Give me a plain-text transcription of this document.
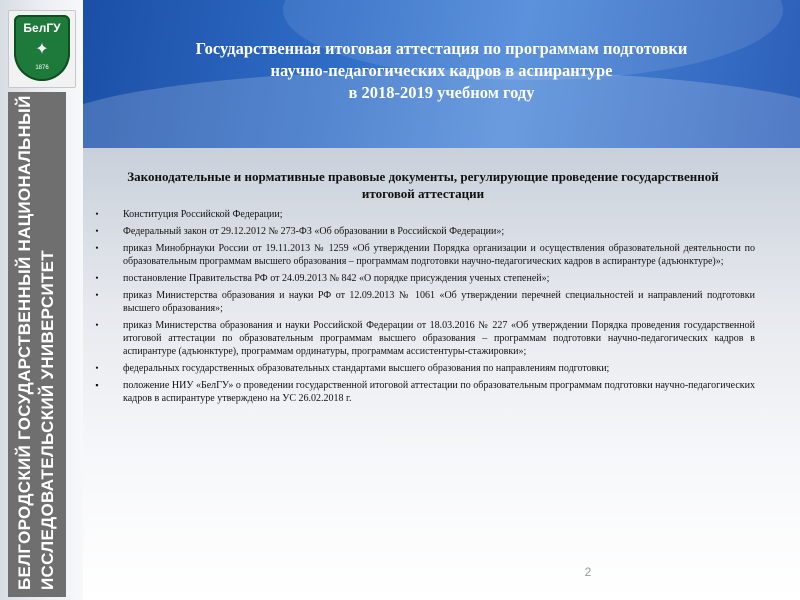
БелГУ
✦
1876
БЕЛГОРОДСКИЙ ГОСУДАРСТВЕННЫЙ НАЦИОНАЛЬНЫЙ ИССЛЕДОВАТЕЛЬСКИЙ УНИВЕРСИТЕТ
Государственная итоговая аттестация по программам подготовки
научно-педагогических кадров в аспирантуре
в 2018-2019 учебном году
Законодательные и нормативные правовые документы, регулирующие проведение государственной итоговой аттестации
• Конституция Российской Федерации;
• Федеральный закон от 29.12.2012 № 273-ФЗ «Об образовании в Российской Федерации»;
• приказ Минобрнауки России от 19.11.2013 № 1259 «Об утверждении Порядка организации и осуществления образовательной деятельности по образовательным программам высшего образования – программам подготовки научно-педагогических кадров в аспирантуре (адъюнктуре)»;
• постановление Правительства РФ от 24.09.2013 № 842 «О порядке присуждения ученых степеней»;
• приказ Министерства образования и науки РФ от 12.09.2013 № 1061 «Об утверждении перечней специальностей и направлений подготовки высшего образования»;
• приказ Министерства образования и науки Российской Федерации от 18.03.2016 № 227 «Об утверждении Порядка проведения государственной итоговой аттестации по образовательным программам высшего образования – программам подготовки научно-педагогических кадров в аспирантуре (адъюнктуре), программам ординатуры, программам ассистентуры-стажировки»;
• федеральных государственных образовательных стандартами высшего образования по направлениям подготовки;
▪ положение НИУ «БелГУ» о проведении государственной итоговой аттестации по образовательным программам подготовки научно-педагогических кадров в аспирантуре утверждено на УС 26.02.2018 г.
2
